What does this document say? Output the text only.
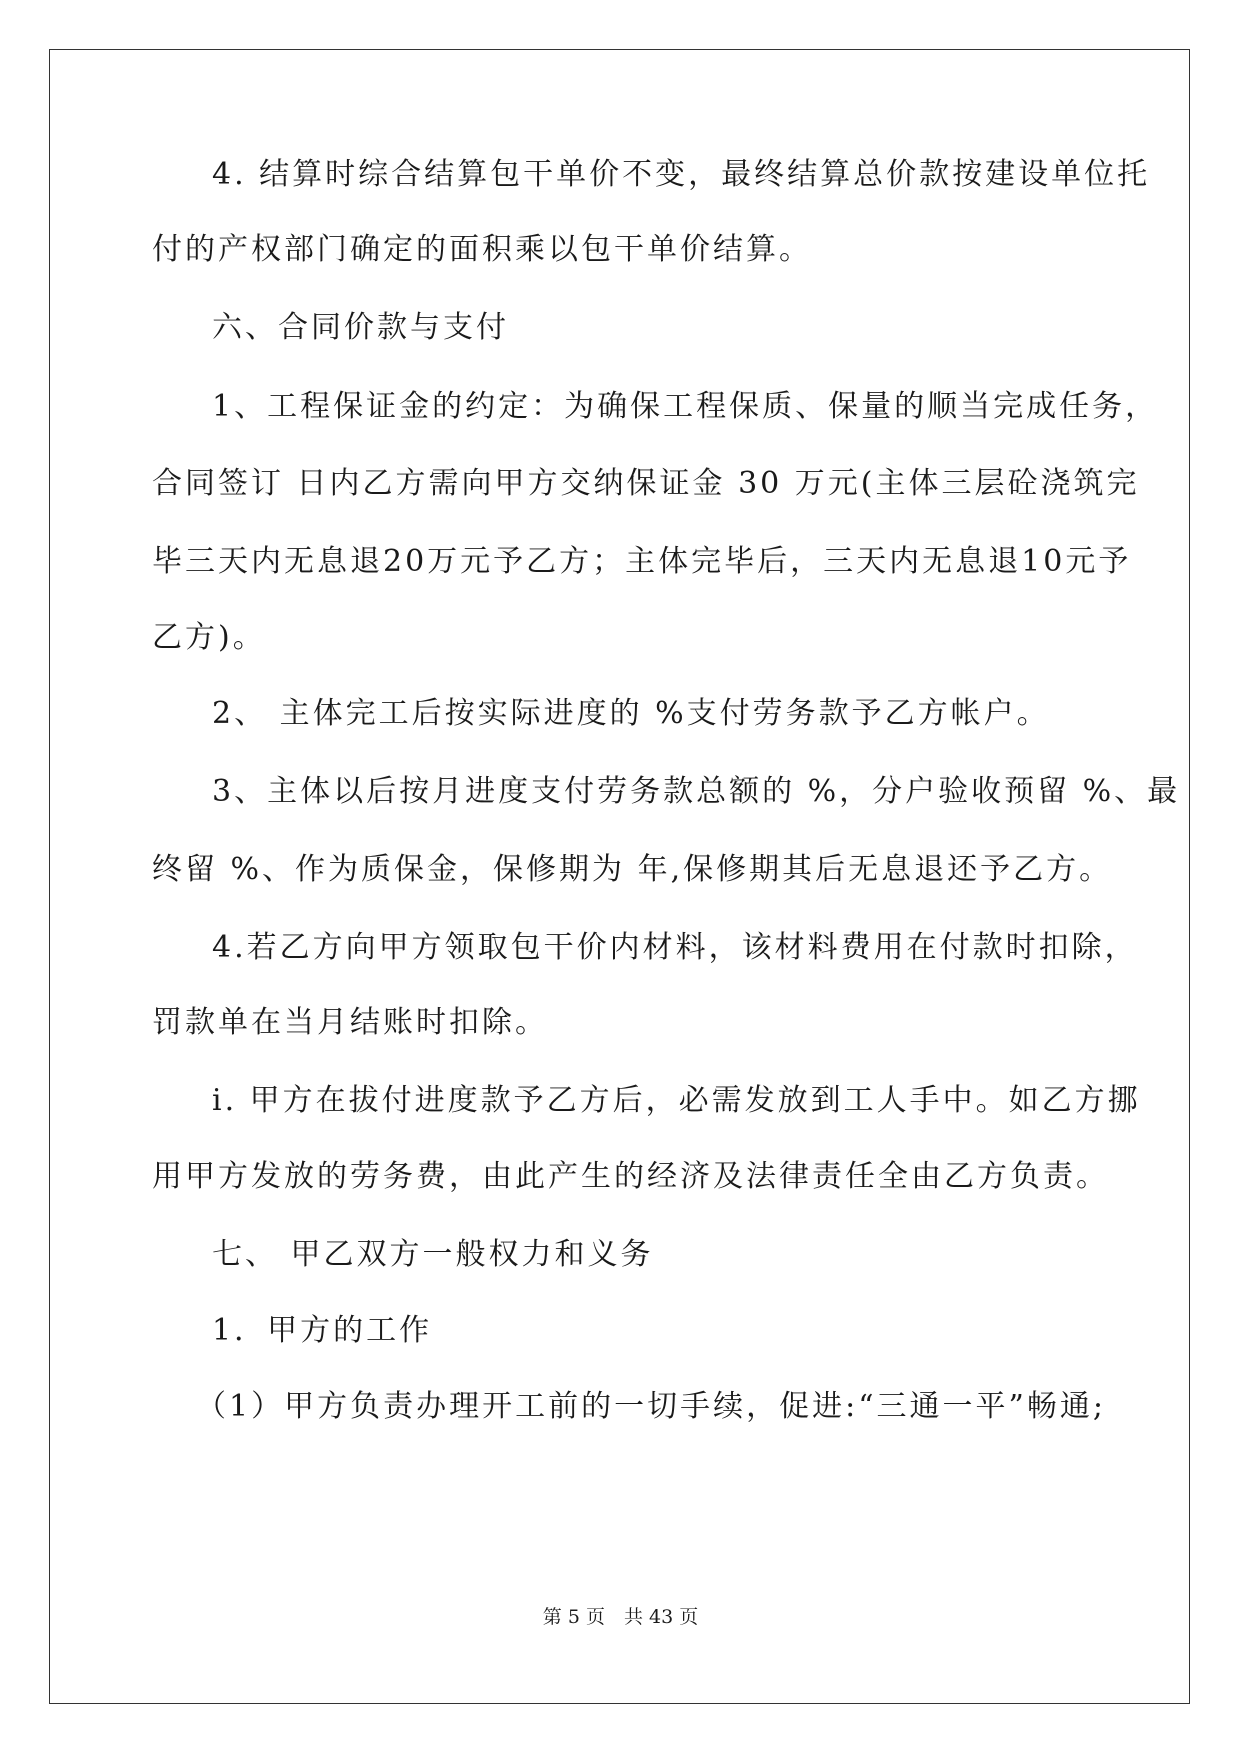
4. 结算时综合结算包干单价不变，最终结算总价款按建设单位托

付的产权部门确定的面积乘以包干单价结算。

六、合同价款与支付

1、工程保证金的约定：为确保工程保质、保量的顺当完成任务，

合同签订 日内乙方需向甲方交纳保证金 30 万元(主体三层砼浇筑完

毕三天内无息退20万元予乙方；主体完毕后，三天内无息退10元予

乙方)。

2、 主体完工后按实际进度的 %支付劳务款予乙方帐户。

3、主体以后按月进度支付劳务款总额的 %，分户验收预留 %、最

终留 %、作为质保金，保修期为 年,保修期其后无息退还予乙方。

4.若乙方向甲方领取包干价内材料，该材料费用在付款时扣除，

罚款单在当月结账时扣除。

i. 甲方在拔付进度款予乙方后，必需发放到工人手中。如乙方挪

用甲方发放的劳务费，由此产生的经济及法律责任全由乙方负责。

七、 甲乙双方一般权力和义务

1．甲方的工作

（1）甲方负责办理开工前的一切手续，促进:“三通一平”畅通;

第 5 页　共 43 页
